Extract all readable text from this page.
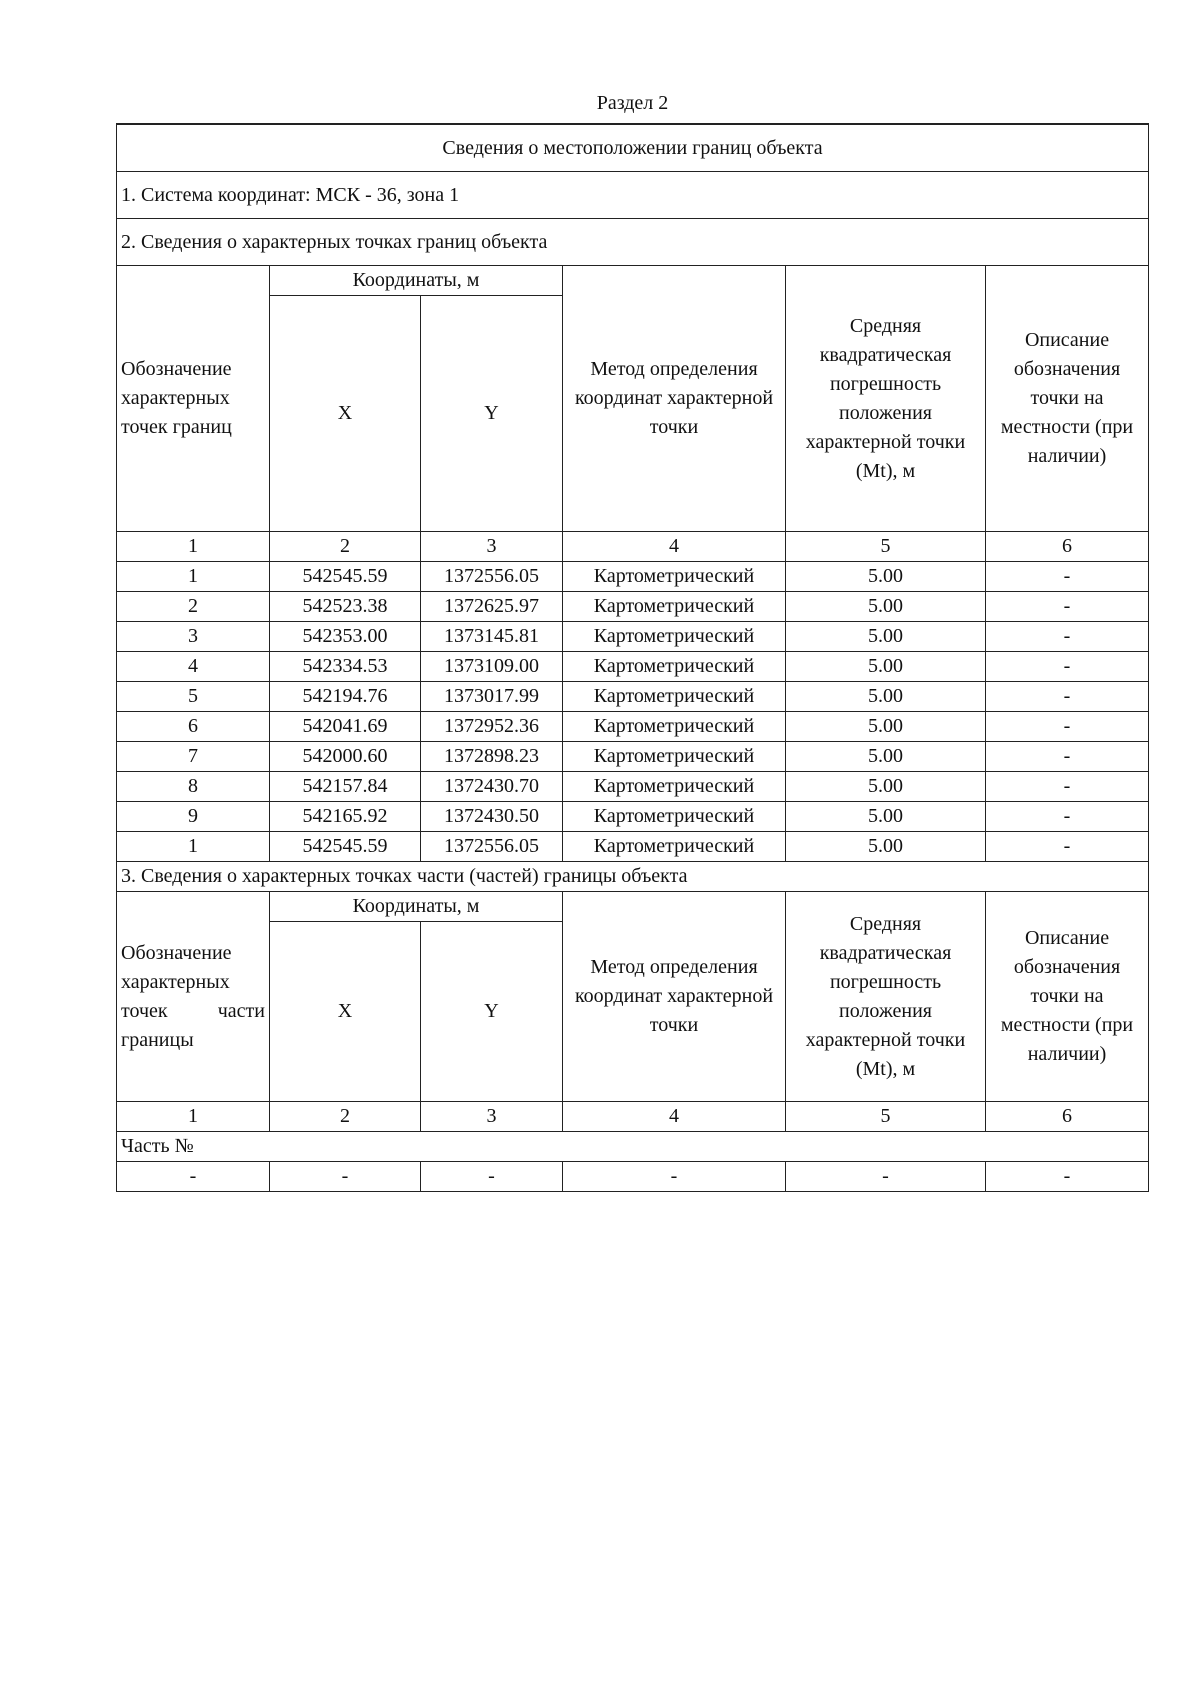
Раздел 2
Сведения о местоположении границ объекта					
1. Система координат: МСК - 36, зона 1					
2. Сведения о характерных точках границ объекта					
Обозначение характерных точек границ	Координаты, м		Метод определения координат характерной точки	Средняя квадратическая погрешность положения характерной точки (Mt), м	Описание обозначения точки на местности (при наличии)
	X	Y			
1	2	3	4	5	6
1	542545.59	1372556.05	Картометрический	5.00	-
2	542523.38	1372625.97	Картометрический	5.00	-
3	542353.00	1373145.81	Картометрический	5.00	-
4	542334.53	1373109.00	Картометрический	5.00	-
5	542194.76	1373017.99	Картометрический	5.00	-
6	542041.69	1372952.36	Картометрический	5.00	-
7	542000.60	1372898.23	Картометрический	5.00	-
8	542157.84	1372430.70	Картометрический	5.00	-
9	542165.92	1372430.50	Картометрический	5.00	-
1	542545.59	1372556.05	Картометрический	5.00	-
3. Сведения о характерных точках части (частей) границы объекта					

Обозначение
характерных
точек части
границы	Координаты, м		Метод определения координат характерной точки	Средняя квадратическая погрешность положения характерной точки (Mt), м	Описание обозначения точки на местности (при наличии)
	X	Y			
1	2	3	4	5	6
Часть №					
-	-	-	-	-	-
